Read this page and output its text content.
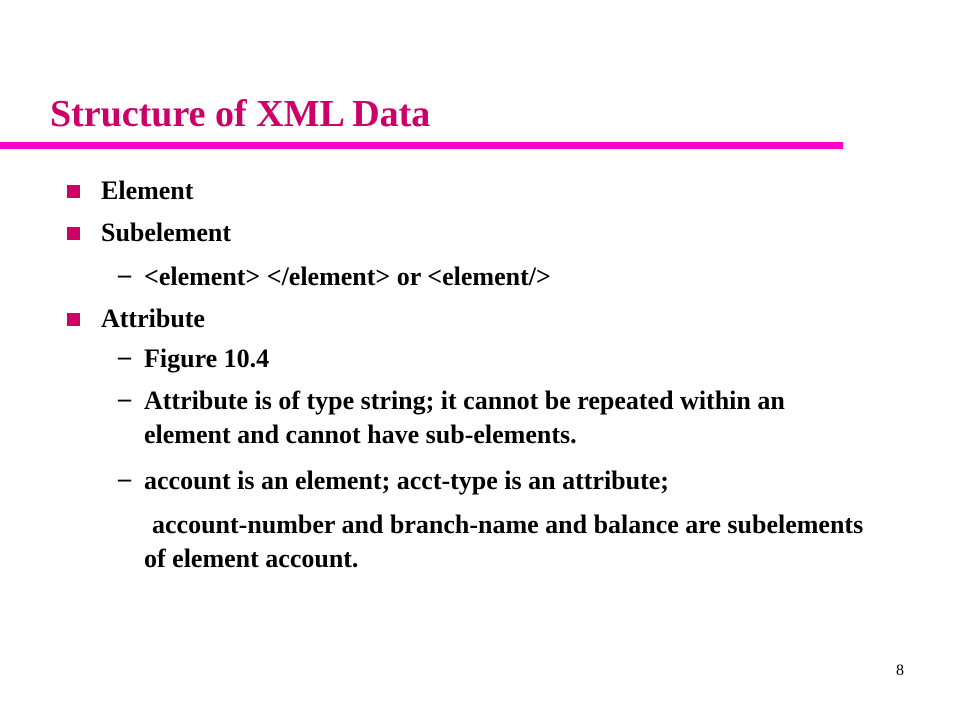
Structure of XML Data
Element
Subelement
– <element> </element> or <element/>
Attribute
– Figure 10.4
– Attribute is of type string; it cannot be repeated within an element and cannot have sub-elements.
– account is an element; acct-type is an attribute;
account-number and branch-name and balance are subelements of element account.
8
